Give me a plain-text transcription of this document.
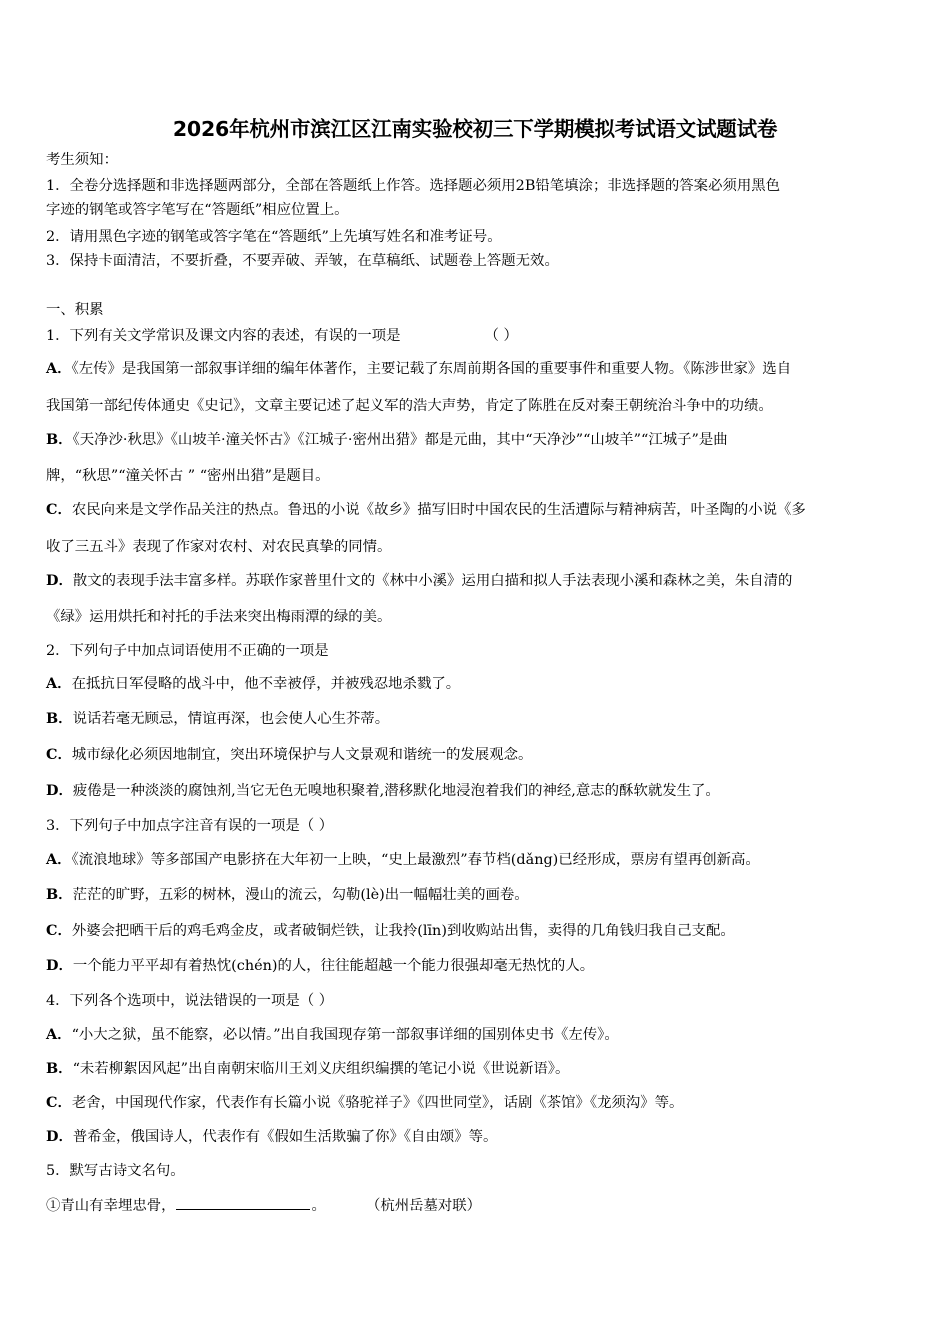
2026年杭州市滨江区江南实验校初三下学期模拟考试语文试题试卷
考生须知：
1．全卷分选择题和非选择题两部分，全部在答题纸上作答。选择题必须用2B铅笔填涂；非选择题的答案必须用黑色
字迹的钢笔或答字笔写在“答题纸”相应位置上。
2．请用黑色字迹的钢笔或答字笔在“答题纸”上先填写姓名和准考证号。
3．保持卡面清洁，不要折叠，不要弄破、弄皱，在草稿纸、试题卷上答题无效。
一、积累
1．下列有关文学常识及课文内容的表述，有误的一项是	（ ）
A．《左传》是我国第一部叙事详细的编年体著作，主要记载了东周前期各国的重要事件和重要人物。《陈涉世家》选自
我国第一部纪传体通史《史记》，文章主要记述了起义军的浩大声势，肯定了陈胜在反对秦王朝统治斗争中的功绩。
B．《天净沙·秋思》《山坡羊·潼关怀古》《江城子·密州出猎》都是元曲，其中“天净沙”“山坡羊”“江城子”是曲
牌，“秋思”“潼关怀古 ” “密州出猎”是题目。
C．农民向来是文学作品关注的热点。鲁迅的小说《故乡》描写旧时中国农民的生活遭际与精神病苦，叶圣陶的小说《多
收了三五斗》表现了作家对农村、对农民真挚的同情。
D．散文的表现手法丰富多样。苏联作家普里什文的《林中小溪》运用白描和拟人手法表现小溪和森林之美，朱自清的
《绿》运用烘托和衬托的手法来突出梅雨潭的绿的美。
2．下列句子中加点词语使用不正确的一项是
A．在抵抗日军侵略的战斗中，他不幸被俘，并被残忍地杀戮了。
B．说话若毫无顾忌，情谊再深，也会使人心生芥蒂。
C．城市绿化必须因地制宜，突出环境保护与人文景观和谐统一的发展观念。
D．疲倦是一种淡淡的腐蚀剂,当它无色无嗅地积聚着,潜移默化地浸泡着我们的神经,意志的酥软就发生了。
3．下列句子中加点字注音有误的一项是（ ）
A．《流浪地球》等多部国产电影挤在大年初一上映，“史上最激烈”春节档(dǎng)已经形成，票房有望再创新高。
B．茫茫的旷野，五彩的树林，漫山的流云，勾勒(lè)出一幅幅壮美的画卷。
C．外婆会把晒干后的鸡毛鸡金皮，或者破铜烂铁，让我拎(līn)到收购站出售，卖得的几角钱归我自己支配。
D．一个能力平平却有着热忱(chén)的人，往往能超越一个能力很强却毫无热忱的人。
4．下列各个选项中，说法错误的一项是（ ）
A．“小大之狱，虽不能察，必以情。”出自我国现存第一部叙事详细的国别体史书《左传》。
B．“未若柳絮因风起”出自南朝宋临川王刘义庆组织编撰的笔记小说《世说新语》。
C．老舍，中国现代作家，代表作有长篇小说《骆驼祥子》《四世同堂》，话剧《茶馆》《龙须沟》等。
D．普希金，俄国诗人，代表作有《假如生活欺骗了你》《自由颂》等。
5．默写古诗文名句。
①青山有幸埋忠骨，	。	（杭州岳墓对联）
